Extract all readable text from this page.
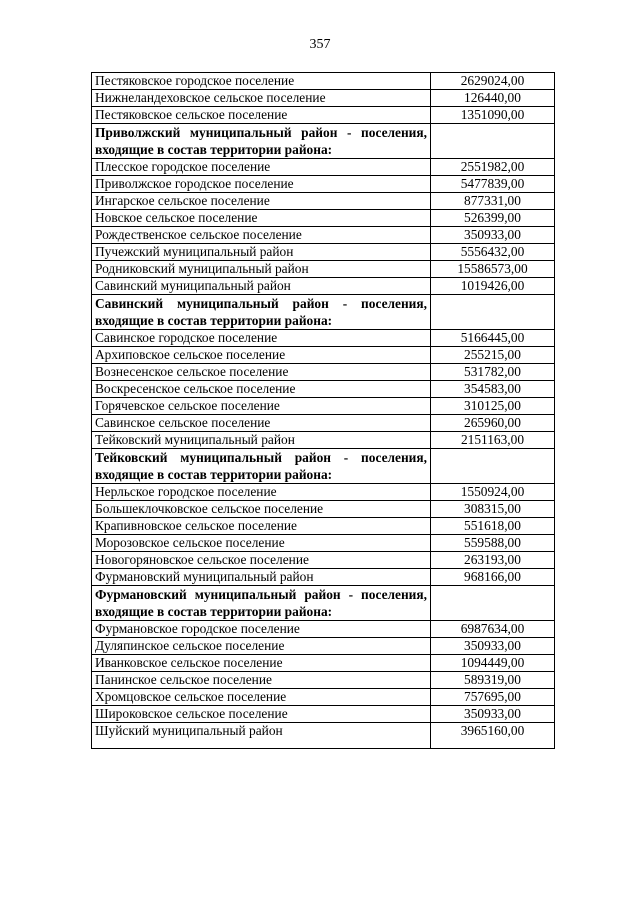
357
Пестяковское городское поселение	2629024,00
Нижнеландеховское сельское поселение	126440,00
Пестяковское сельское поселение	1351090,00
Приволжский муниципальный район - поселения, входящие в состав территории района:	
Плесское городское поселение	2551982,00
Приволжское городское поселение	5477839,00
Ингарское сельское поселение	877331,00
Новское сельское поселение	526399,00
Рождественское сельское поселение	350933,00
Пучежский муниципальный район	5556432,00
Родниковский муниципальный район	15586573,00
Савинский муниципальный район	1019426,00
Савинский муниципальный район - поселения, входящие в состав территории района:	
Савинское городское поселение	5166445,00
Архиповское сельское поселение	255215,00
Вознесенское сельское поселение	531782,00
Воскресенское сельское поселение	354583,00
Горячевское сельское поселение	310125,00
Савинское сельское поселение	265960,00
Тейковский муниципальный район	2151163,00
Тейковский муниципальный район - поселения, входящие в состав территории района:	
Нерльское городское поселение	1550924,00
Большеклочковское сельское поселение	308315,00
Крапивновское сельское поселение	551618,00
Морозовское сельское поселение	559588,00
Новогоряновское сельское поселение	263193,00
Фурмановский муниципальный район	968166,00
Фурмановский муниципальный район - поселения, входящие в состав территории района:	
Фурмановское городское поселение	6987634,00
Дуляпинское сельское поселение	350933,00
Иванковское сельское поселение	1094449,00
Панинское сельское поселение	589319,00
Хромцовское сельское поселение	757695,00
Широковское сельское поселение	350933,00
Шуйский муниципальный район	3965160,00
